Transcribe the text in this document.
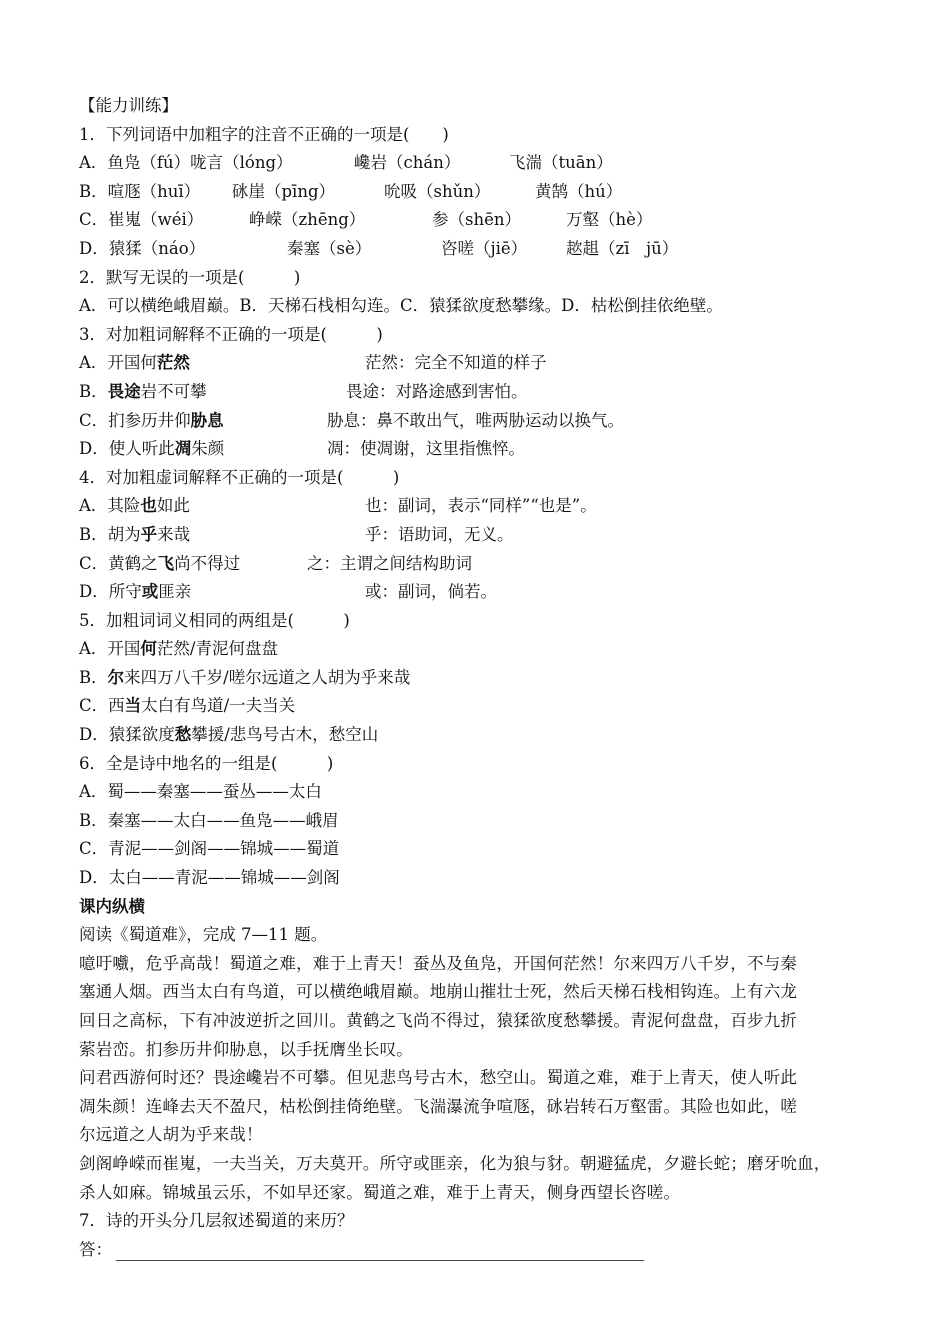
【能力训练】
1．下列词语中加粗字的注音不正确的一项是(　　)
A．鱼凫（fú）咙言（lóng）	巉岩（chán）	飞湍（tuān）
B．喧豗（huī） 砯崖（pīng）	吮吸（shǔn）	黄鹄（hú）
C．崔嵬（wéi）	峥嵘（zhēng）	参（shēn）	万壑（hè）
D．猿猱（náo）	秦塞（sè）	咨嗟（jiē） 趑趄（zī　jū）
2．默写无误的一项是(　　　)
A．可以横绝峨眉巅。B．天梯石栈相勾连。C．猿猱欲度愁攀缘。D．枯松倒挂依绝壁。
3．对加粗词解释不正确的一项是(　　　)
A．开国何茫然	茫然：完全不知道的样子
B．畏途岩不可攀	畏途：对路途感到害怕。
C．扪参历井仰胁息	胁息：鼻不敢出气，唯两胁运动以换气。
D．使人听此凋朱颜	凋：使凋谢，这里指憔悴。
4．对加粗虚词解释不正确的一项是(　　　)
A．其险也如此	也：副词，表示“同样”“也是”。
B．胡为乎来哉	乎：语助词，无义。
C．黄鹤之飞尚不得过	之：主谓之间结构助词
D．所守或匪亲	或：副词，倘若。
5．加粗词词义相同的两组是(　　　)
A．开国何茫然/青泥何盘盘
B．尔来四万八千岁/嗟尔远道之人胡为乎来哉
C．西当太白有鸟道/一夫当关
D．猿猱欲度愁攀援/悲鸟号古木，愁空山
6．全是诗中地名的一组是(　　　)
A．蜀——秦塞——蚕丛——太白
B．秦塞——太白——鱼凫——峨眉
C．青泥——剑阁——锦城——蜀道
D．太白——青泥——锦城——剑阁
课内纵横
阅读《蜀道难》，完成 7—11 题。
噫吁嚱，危乎高哉！蜀道之难，难于上青天！蚕丛及鱼凫，开国何茫然！尔来四万八千岁，不与秦
塞通人烟。西当太白有鸟道，可以横绝峨眉巅。地崩山摧壮士死，然后天梯石栈相钩连。上有六龙
回日之高标，下有冲波逆折之回川。黄鹤之飞尚不得过，猿猱欲度愁攀援。青泥何盘盘，百步九折
萦岩峦。扪参历井仰胁息，以手抚膺坐长叹。
问君西游何时还？畏途巉岩不可攀。但见悲鸟号古木，愁空山。蜀道之难，难于上青天，使人听此
凋朱颜！连峰去天不盈尺，枯松倒挂倚绝壁。飞湍瀑流争喧豗，砯岩转石万壑雷。其险也如此，嗟
尔远道之人胡为乎来哉！
剑阁峥嵘而崔嵬，一夫当关，万夫莫开。所守或匪亲，化为狼与豺。朝避猛虎，夕避长蛇；磨牙吮血，
杀人如麻。锦城虽云乐，不如早还家。蜀道之难，难于上青天，侧身西望长咨嗟。
7．诗的开头分几层叙述蜀道的来历？
答：
